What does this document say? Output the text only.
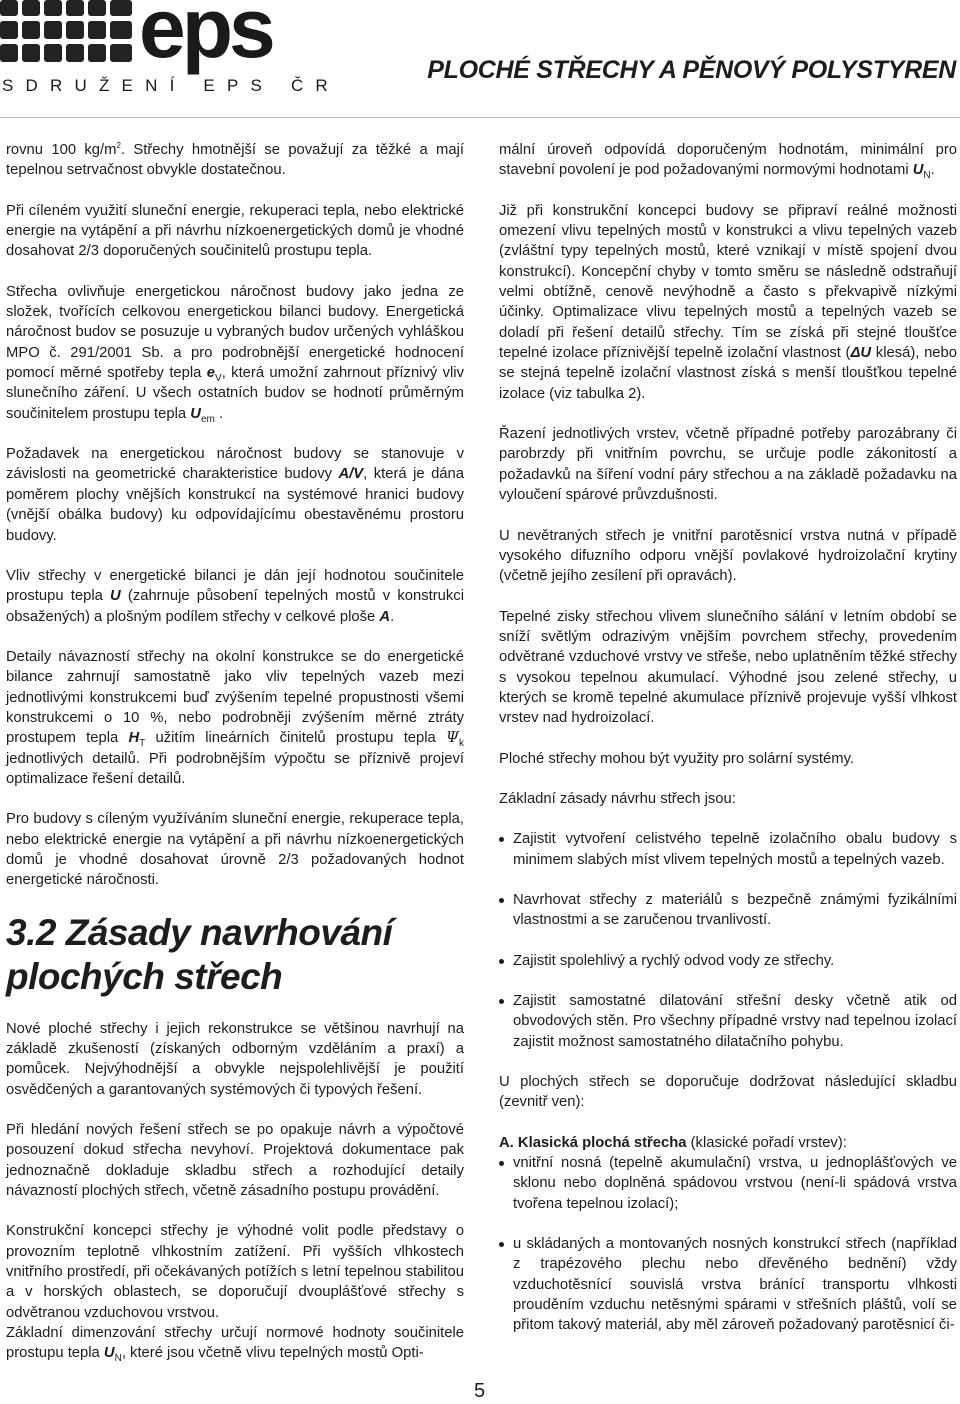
eps
SDRUŽENÍ EPS ČR
PLOCHÉ STŘECHY A PĚNOVÝ POLYSTYREN

rovnu 100 $kg/m^2$. Střechy hmotnější se považují za těžké a mají tepelnou setrvačnost obvykle dostatečnou.

Při cíleném využití sluneční energie, rekuperaci tepla, nebo elektrické energie na vytápění a při návrhu nízkoenergetických domů je vhodné dosahovat 2/3 doporučených součinitelů prostupu tepla.

Střecha ovlivňuje energetickou náročnost budovy jako jedna ze složek, tvořících celkovou energetickou bilanci budovy. Energetická náročnost budov se posuzuje u vybraných budov určených vyhláškou MPO č. 291/2001 Sb. a pro podrobnější energetické hodnocení pomocí měrné spotřeby tepla $e_V$, která umožní zahrnout příznivý vliv slunečního záření. U všech ostatních budov se hodnotí průměrným součinitelem prostupu tepla $U_{em}$ .

Požadavek na energetickou náročnost budovy se stanovuje v závislosti na geometrické charakteristice budovy A/V, která je dána poměrem plochy vnějších konstrukcí na systémové hranici budovy (vnější obálka budovy) ku odpovídajícímu obestavěnému prostoru budovy.

Vliv střechy v energetické bilanci je dán její hodnotou součinitele prostupu tepla U (zahrnuje působení tepelných mostů v konstrukci obsažených) a plošným podílem střechy v celkové ploše A.

Detaily návazností střechy na okolní konstrukce se do energetické bilance zahrnují samostatně jako vliv tepelných vazeb mezi jednotlivými konstrukcemi buď zvýšením tepelné propustnosti všemi konstrukcemi o 10 %, nebo podrobněji zvýšením měrné ztráty prostupem tepla $H_T$ užitím lineárních činitelů prostupu tepla $\Psi_k$ jednotlivých detailů. Při podrobnějším výpočtu se příznivě projeví optimalizace řešení detailů.

Pro budovy s cíleným využíváním sluneční energie, rekuperace tepla, nebo elektrické energie na vytápění a při návrhu nízkoenergetických domů je vhodné dosahovat úrovně 2/3 požadovaných hodnot energetické náročnosti.

3.2 Zásady navrhování plochých střech

Nové ploché střechy i jejich rekonstrukce se většinou navrhují na základě zkušeností (získaných odborným vzděláním a praxí) a pomůcek. Nejvýhodnější a obvykle nejspolehlivější je použití osvědčených a garantovaných systémových či typových řešení.

Při hledání nových řešení střech se po opakuje návrh a výpočtové posouzení dokud střecha nevyhoví. Projektová dokumentace pak jednoznačně dokladuje skladbu střech a rozhodující detaily návazností plochých střech, včetně zásadního postupu provádění.

Konstrukční koncepci střechy je výhodné volit podle představy o provozním teplotně vlhkostním zatížení. Při vyšších vlhkostech vnitřního prostředí, při očekávaných potížích s letní tepelnou stabilitou a v horských oblastech, se doporučují dvouplášťové střechy s odvětranou vzduchovou vrstvou.

Základní dimenzování střechy určují normové hodnoty součinitele prostupu tepla $U_N$, které jsou včetně vlivu tepelných mostů Opti-

mální úroveň odpovídá doporučeným hodnotám, minimální pro stavební povolení je pod požadovanými normovými hodnotami $U_N$.

Již při konstrukční koncepci budovy se připraví reálné možnosti omezení vlivu tepelných mostů v konstrukci a vlivu tepelných vazeb (zvláštní typy tepelných mostů, které vznikají v místě spojení dvou konstrukcí). Koncepční chyby v tomto směru se následně odstraňují velmi obtížně, cenově nevýhodně a často s překvapivě nízkými účinky. Optimalizace vlivu tepelných mostů a tepelných vazeb se doladí při řešení detailů střechy. Tím se získá při stejné tloušťce tepelné izolace příznivější tepelně izolační vlastnost (ΔU klesá), nebo se stejná tepelně izolační vlastnost získá s menší tloušťkou tepelné izolace (viz tabulka 2).

Řazení jednotlivých vrstev, včetně případné potřeby parozábrany či parobrzdy při vnitřním povrchu, se určuje podle zákonitostí a požadavků na šíření vodní páry střechou a na základě požadavku na vyloučení spárové průvzdušnosti.

U nevětraných střech je vnitřní parotěsnicí vrstva nutná v případě vysokého difuzního odporu vnější povlakové hydroizolační krytiny (včetně jejího zesílení při opravách).

Tepelné zisky střechou vlivem slunečního sálání v letním období se sníží světlým odrazivým vnějším povrchem střechy, provedením odvětrané vzduchové vrstvy ve střeše, nebo uplatněním těžké střechy s vysokou tepelnou akumulací. Výhodné jsou zelené střechy, u kterých se kromě tepelné akumulace příznivě projevuje vyšší vlhkost vrstev nad hydroizolací.

Ploché střechy mohou být využity pro solární systémy.

Základní zásady návrhu střech jsou:

Zajistit vytvoření celistvého tepelně izolačního obalu budovy s minimem slabých míst vlivem tepelných mostů a tepelných vazeb.
Navrhovat střechy z materiálů s bezpečně známými fyzikálními vlastnostmi a se zaručenou trvanlivostí.
Zajistit spolehlivý a rychlý odvod vody ze střechy.
Zajistit samostatné dilatování střešní desky včetně atik od obvodových stěn. Pro všechny případné vrstvy nad tepelnou izolací zajistit možnost samostatného dilatačního pohybu.

U plochých střech se doporučuje dodržovat následující skladbu (zevnitř ven):

A. Klasická plochá střecha (klasické pořadí vrstev):

vnitřní nosná (tepelně akumulační) vrstva, u jednoplášťových ve sklonu nebo doplněná spádovou vrstvou (není-li spádová vrstva tvořena tepelnou izolací);
u skládaných a montovaných nosných konstrukcí střech (například z trapézového plechu nebo dřevěného bednění) vždy vzduchotěsnící souvislá vrstva bránící transportu vlhkosti prouděním vzduchu netěsnými spárami v střešních pláštů, volí se přitom takový materiál, aby měl zároveň požadovaný parotěsnicí či-
5
